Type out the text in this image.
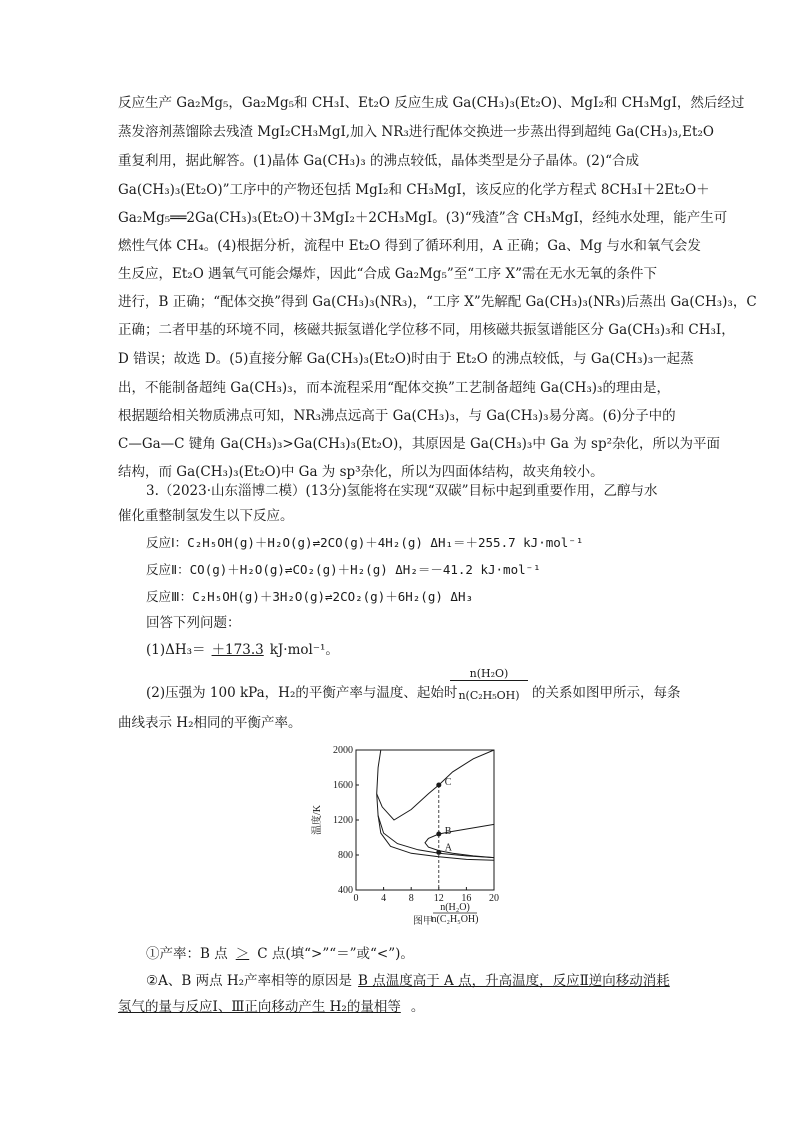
反应生产 Ga₂Mg₅，Ga₂Mg₅和 CH₃I、Et₂O 反应生成 Ga(CH₃)₃(Et₂O)、MgI₂和 CH₃MgI，然后经过
蒸发溶剂蒸馏除去残渣 MgI₂CH₃MgI,加入 NR₃进行配体交换进一步蒸出得到超纯 Ga(CH₃)₃,Et₂O
重复利用，据此解答。(1)晶体 Ga(CH₃)₃ 的沸点较低，晶体类型是分子晶体。(2)“合成
Ga(CH₃)₃(Et₂O)”工序中的产物还包括 MgI₂和 CH₃MgI，该反应的化学方程式 8CH₃I＋2Et₂O＋
Ga₂Mg₅══2Ga(CH₃)₃(Et₂O)＋3MgI₂＋2CH₃MgI。(3)“残渣”含 CH₃MgI，经纯水处理，能产生可
燃性气体 CH₄。(4)根据分析，流程中 Et₂O 得到了循环利用，A 正确；Ga、Mg 与水和氧气会发
生反应，Et₂O 遇氧气可能会爆炸，因此“合成 Ga₂Mg₅”至“工序 X”需在无水无氧的条件下
进行，B 正确；“配体交换”得到 Ga(CH₃)₃(NR₃)，“工序 X”先解配 Ga(CH₃)₃(NR₃)后蒸出 Ga(CH₃)₃，C
正确；二者甲基的环境不同，核磁共振氢谱化学位移不同，用核磁共振氢谱能区分 Ga(CH₃)₃和 CH₃I，
D 错误；故选 D。(5)直接分解 Ga(CH₃)₃(Et₂O)时由于 Et₂O 的沸点较低，与 Ga(CH₃)₃一起蒸
出，不能制备超纯 Ga(CH₃)₃，而本流程采用“配体交换”工艺制备超纯 Ga(CH₃)₃的理由是，
根据题给相关物质沸点可知，NR₃沸点远高于 Ga(CH₃)₃，与 Ga(CH₃)₃易分离。(6)分子中的
C—Ga—C 键角 Ga(CH₃)₃>Ga(CH₃)₃(Et₂O)，其原因是 Ga(CH₃)₃中 Ga 为 sp²杂化，所以为平面
结构，而 Ga(CH₃)₃(Et₂O)中 Ga 为 sp³杂化，所以为四面体结构，故夹角较小。
3.（2023·山东淄博二模）(13分)氢能将在实现“双碳”目标中起到重要作用，乙醇与水
催化重整制氢发生以下反应。
反应Ⅰ：C₂H₅OH(g)＋H₂O(g)⇌2CO(g)＋4H₂(g) ΔH₁＝＋255.7 kJ·mol⁻¹
反应Ⅱ：CO(g)＋H₂O(g)⇌CO₂(g)＋H₂(g) ΔH₂＝－41.2 kJ·mol⁻¹
反应Ⅲ：C₂H₅OH(g)＋3H₂O(g)⇌2CO₂(g)＋6H₂(g) ΔH₃
回答下列问题：
(1)ΔH₃＝ ＋173.3 kJ·mol⁻¹。
(2)压强为 100 kPa，H₂的平衡产率与温度、起始时
n(H₂O)
n(C₂H₅OH) 的关系如图甲所示，每条
曲线表示 H₂相同的平衡产率。
0 4 8 12 16 20
400
800
1200
1600
2000
温度/K
n(H₂O)
n(C₂H₅OH)
图甲
A
B
C
①产率：B 点 ＞ C 点(填“>”“＝”或“<”)。
②A、B 两点 H₂产率相等的原因是 B 点温度高于 A 点，升高温度，反应Ⅱ逆向移动消耗
氢气的量与反应Ⅰ、Ⅲ正向移动产生 H₂的量相等 。
